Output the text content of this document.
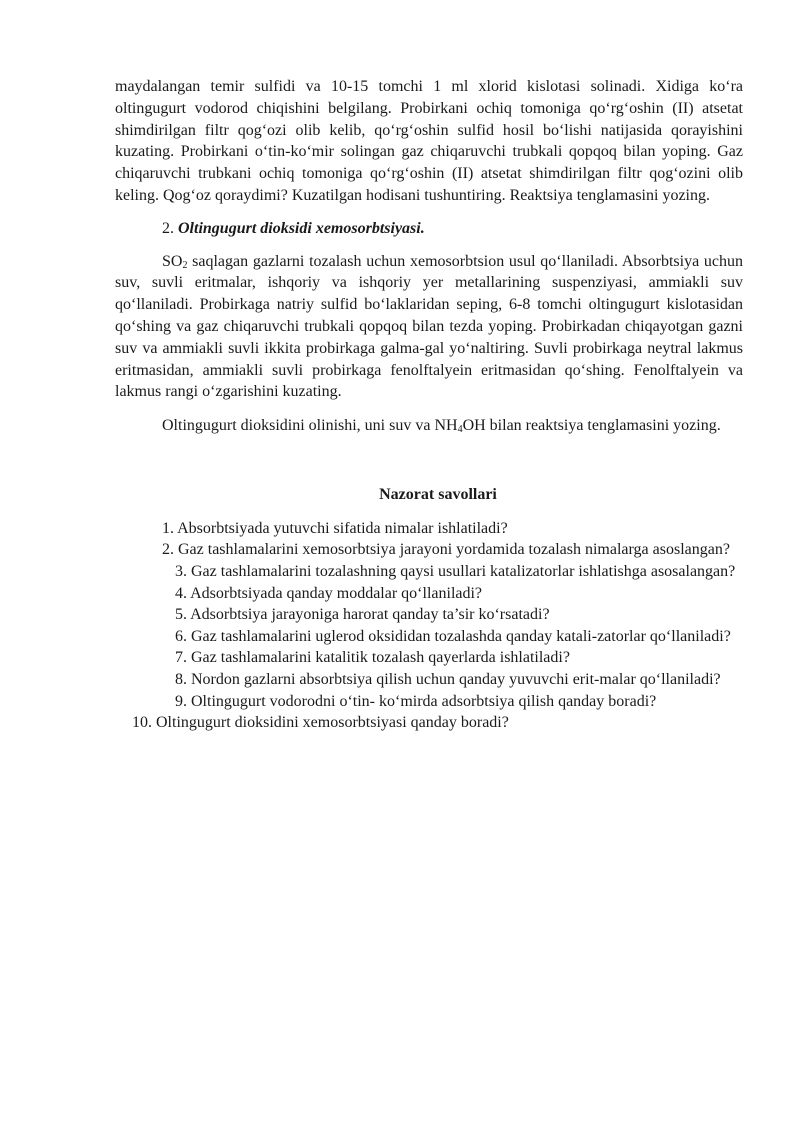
maydalangan temir sulfidi va 10-15 tomchi 1 ml xlorid kislotasi solinadi. Xidiga ko‘ra oltingugurt vodorod chiqishini belgilang. Probirkani ochiq tomoniga qo‘rg‘oshin (II) atsetat shimdirilgan filtr qog‘ozi olib kelib, qo‘rg‘oshin sulfid hosil bo‘lishi natijasida qorayishini kuzating. Probirkani o‘tin-ko‘mir solingan gaz chiqaruvchi trubkali qopqoq bilan yoping. Gaz chiqaruvchi trubkani ochiq tomoniga qo‘rg‘oshin (II) atsetat shimdirilgan filtr qog‘ozini olib keling. Qog‘oz qoraydimi? Kuzatilgan hodisani tushuntiring. Reaktsiya tenglamasini yozing.

2. Oltingugurt dioksidi xemosorbtsiyasi.

$SO_2$ saqlagan gazlarni tozalash uchun xemosorbtsion usul qo‘llaniladi. Absorbtsiya uchun suv, suvli eritmalar, ishqoriy va ishqoriy yer metallarining suspenziyasi, ammiakli suv qo‘llaniladi. Probirkaga natriy sulfid bo‘laklaridan seping, 6-8 tomchi oltingugurt kislotasidan qo‘shing va gaz chiqaruvchi trubkali qopqoq bilan tezda yoping. Probirkadan chiqayotgan gazni suv va ammiakli suvli ikkita probirkaga galma-gal yo‘naltiring. Suvli probirkaga neytral lakmus eritmasidan, ammiakli suvli probirkaga fenolftalyein eritmasidan qo‘shing. Fenolftalyein va lakmus rangi o‘zgarishini kuzating.

Oltingugurt dioksidini olinishi, uni suv va $NH_4OH$ bilan reaktsiya tenglamasini yozing.

Nazorat savollari

1. Absorbtsiyada yutuvchi sifatida nimalar ishlatiladi?

2. Gaz tashlamalarini xemosorbtsiya jarayoni yordamida tozalash nimalarga asoslangan?

3. Gaz tashlamalarini tozalashning qaysi usullari katalizatorlar ishlatishga asosalangan?

4. Adsorbtsiyada qanday moddalar qo‘llaniladi?

5. Adsorbtsiya jarayoniga harorat qanday ta’sir ko‘rsatadi?

6. Gaz tashlamalarini uglerod oksididan tozalashda qanday katali-zatorlar qo‘llaniladi?

7. Gaz tashlamalarini katalitik tozalash qayerlarda ishlatiladi?

8. Nordon gazlarni absorbtsiya qilish uchun qanday yuvuvchi erit-malar qo‘llaniladi?

9. Oltingugurt vodorodni o‘tin- ko‘mirda adsorbtsiya qilish qanday boradi?

10. Oltingugurt dioksidini xemosorbtsiyasi qanday boradi?
